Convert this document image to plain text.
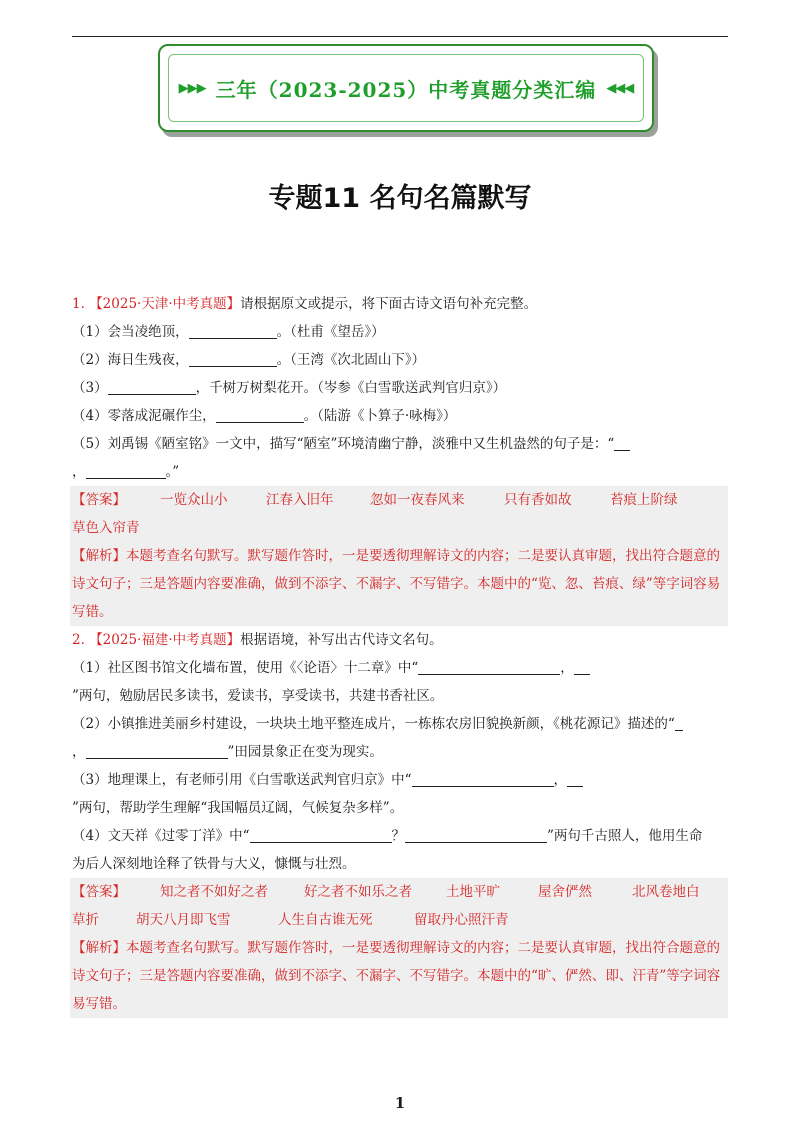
▶▶▶ 三年（2023-2025）中考真题分类汇编 ◀◀◀
专题11 名句名篇默写
1. 【2025·天津·中考真题】请根据原文或提示，将下面古诗文语句补充完整。
（1）会当凌绝顶，	。（杜甫《望岳》）
（2）海日生残夜，	。（王湾《次北固山下》）
（3）	，千树万树梨花开。（岑参《白雪歌送武判官归京》）
（4）零落成泥碾作尘，	。（陆游《卜算子·咏梅》）
（5）刘禹锡《陋室铭》一文中，描写“陋室”环境清幽宁静，淡雅中又生机盎然的句子是：“
，	。”
【答案】	一览众山小	江春入旧年	忽如一夜春风来	只有香如故	苔痕上阶绿
草色入帘青
【解析】本题考查名句默写。默写题作答时，一是要透彻理解诗文的内容；二是要认真审题，找出符合题意的诗文句子；三是答题内容要准确，做到不添字、不漏字、不写错字。本题中的“览、忽、苔痕、绿”等字词容易写错。
2. 【2025·福建·中考真题】根据语境，补写出古代诗文名句。
（1）社区图书馆文化墙布置，使用《〈论语〉十二章》中“	，
”两句，勉励居民多读书，爱读书，享受读书，共建书香社区。
（2）小镇推进美丽乡村建设，一块块土地平整连成片，一栋栋农房旧貌换新颜，《桃花源记》描述的“
，	”田园景象正在变为现实。
（3）地理课上，有老师引用《白雪歌送武判官归京》中“	，
”两句，帮助学生理解“我国幅员辽阔，气候复杂多样”。
（4）文天祥《过零丁洋》中“	？	”两句千古照人，他用生命
为后人深刻地诠释了铁骨与大义，慷慨与壮烈。
【答案】	知之者不如好之者	好之者不如乐之者	土地平旷	屋舍俨然	北风卷地白
草折	胡天八月即飞雪	人生自古谁无死	留取丹心照汗青
【解析】本题考查名句默写。默写题作答时，一是要透彻理解诗文的内容；二是要认真审题，找出符合题意的诗文句子；三是答题内容要准确，做到不添字、不漏字、不写错字。本题中的“旷、俨然、即、汗青”等字词容易写错。
1
